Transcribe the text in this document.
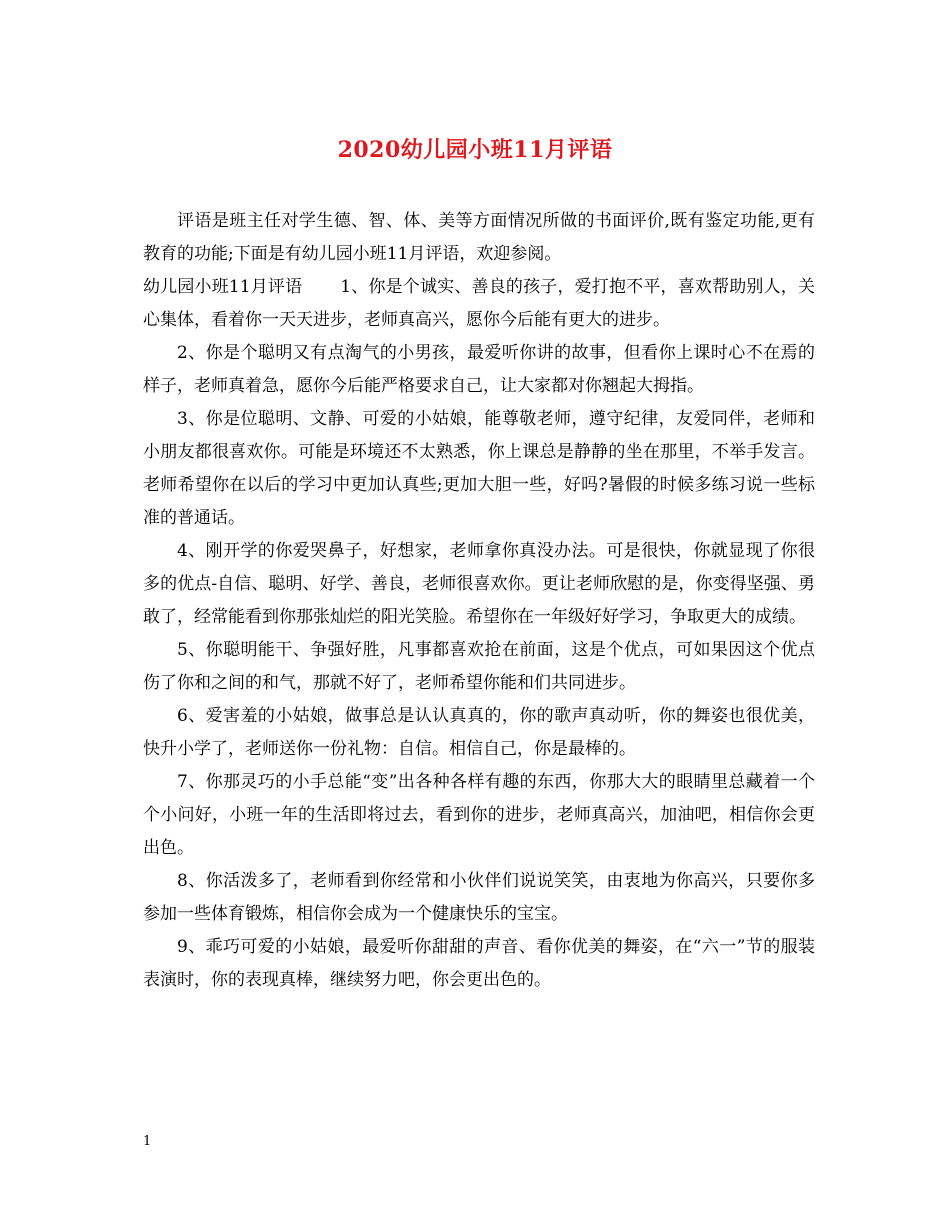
2020幼儿园小班11月评语

评语是班主任对学生德、智、体、美等方面情况所做的书面评价,既有鉴定功能,更有教育的功能;下面是有幼儿园小班11月评语，欢迎参阅。

幼儿园小班11月评语 1、你是个诚实、善良的孩子，爱打抱不平，喜欢帮助别人，关心集体，看着你一天天进步，老师真高兴，愿你今后能有更大的进步。

2、你是个聪明又有点淘气的小男孩，最爱听你讲的故事，但看你上课时心不在焉的样子，老师真着急，愿你今后能严格要求自己，让大家都对你翘起大拇指。

3、你是位聪明、文静、可爱的小姑娘，能尊敬老师，遵守纪律，友爱同伴，老师和小朋友都很喜欢你。可能是环境还不太熟悉，你上课总是静静的坐在那里，不举手发言。老师希望你在以后的学习中更加认真些;更加大胆一些，好吗?暑假的时候多练习说一些标准的普通话。

4、刚开学的你爱哭鼻子，好想家，老师拿你真没办法。可是很快，你就显现了你很多的优点-自信、聪明、好学、善良，老师很喜欢你。更让老师欣慰的是，你变得坚强、勇敢了，经常能看到你那张灿烂的阳光笑脸。希望你在一年级好好学习，争取更大的成绩。

5、你聪明能干、争强好胜，凡事都喜欢抢在前面，这是个优点，可如果因这个优点伤了你和之间的和气，那就不好了，老师希望你能和们共同进步。

6、爱害羞的小姑娘，做事总是认认真真的，你的歌声真动听，你的舞姿也很优美，快升小学了，老师送你一份礼物：自信。相信自己，你是最棒的。

7、你那灵巧的小手总能“变”出各种各样有趣的东西，你那大大的眼睛里总藏着一个个小问好，小班一年的生活即将过去，看到你的进步，老师真高兴，加油吧，相信你会更出色。

8、你活泼多了，老师看到你经常和小伙伴们说说笑笑，由衷地为你高兴，只要你多参加一些体育锻炼，相信你会成为一个健康快乐的宝宝。

9、乖巧可爱的小姑娘，最爱听你甜甜的声音、看你优美的舞姿，在“六一”节的服装表演时，你的表现真棒，继续努力吧，你会更出色的。

1
